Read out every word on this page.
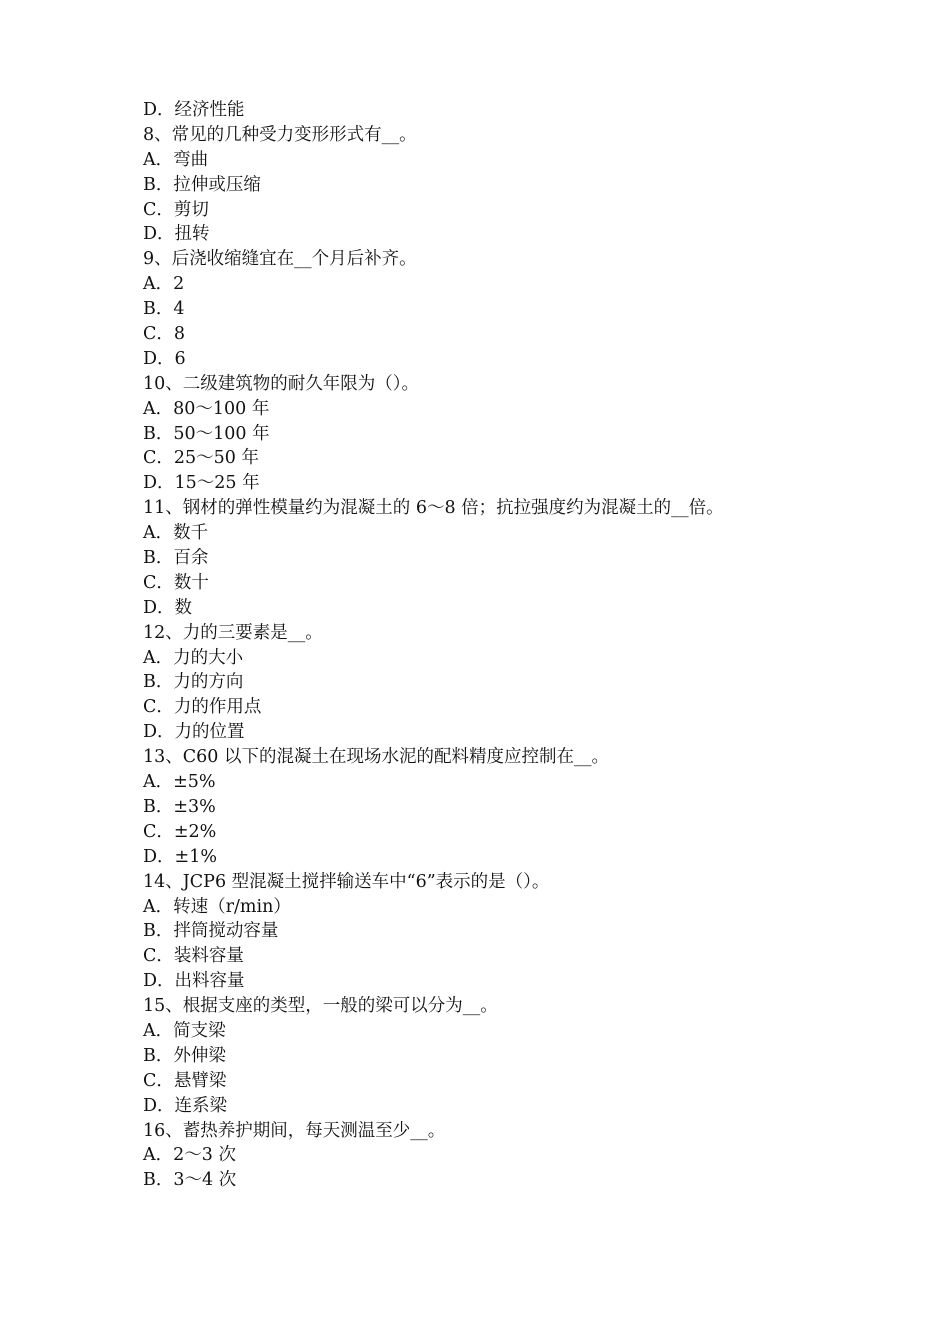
D．经济性能
8、常见的几种受力变形形式有__。
A．弯曲
B．拉伸或压缩
C．剪切
D．扭转
9、后浇收缩缝宜在__个月后补齐。
A．2
B．4
C．8
D．6
10、二级建筑物的耐久年限为（）。
A．80～100 年
B．50～100 年
C．25～50 年
D．15～25 年
11、钢材的弹性模量约为混凝土的 6～8 倍；抗拉强度约为混凝土的__倍。
A．数千
B．百余
C．数十
D．数
12、力的三要素是__。
A．力的大小
B．力的方向
C．力的作用点
D．力的位置
13、C60 以下的混凝土在现场水泥的配料精度应控制在__。
A．±5%
B．±3%
C．±2%
D．±1%
14、JCP6 型混凝土搅拌输送车中“6”表示的是（）。
A．转速（r/min）
B．拌筒搅动容量
C．装料容量
D．出料容量
15、根据支座的类型，一般的梁可以分为__。
A．简支梁
B．外伸梁
C．悬臂梁
D．连系梁
16、蓄热养护期间，每天测温至少__。
A．2～3 次
B．3～4 次
